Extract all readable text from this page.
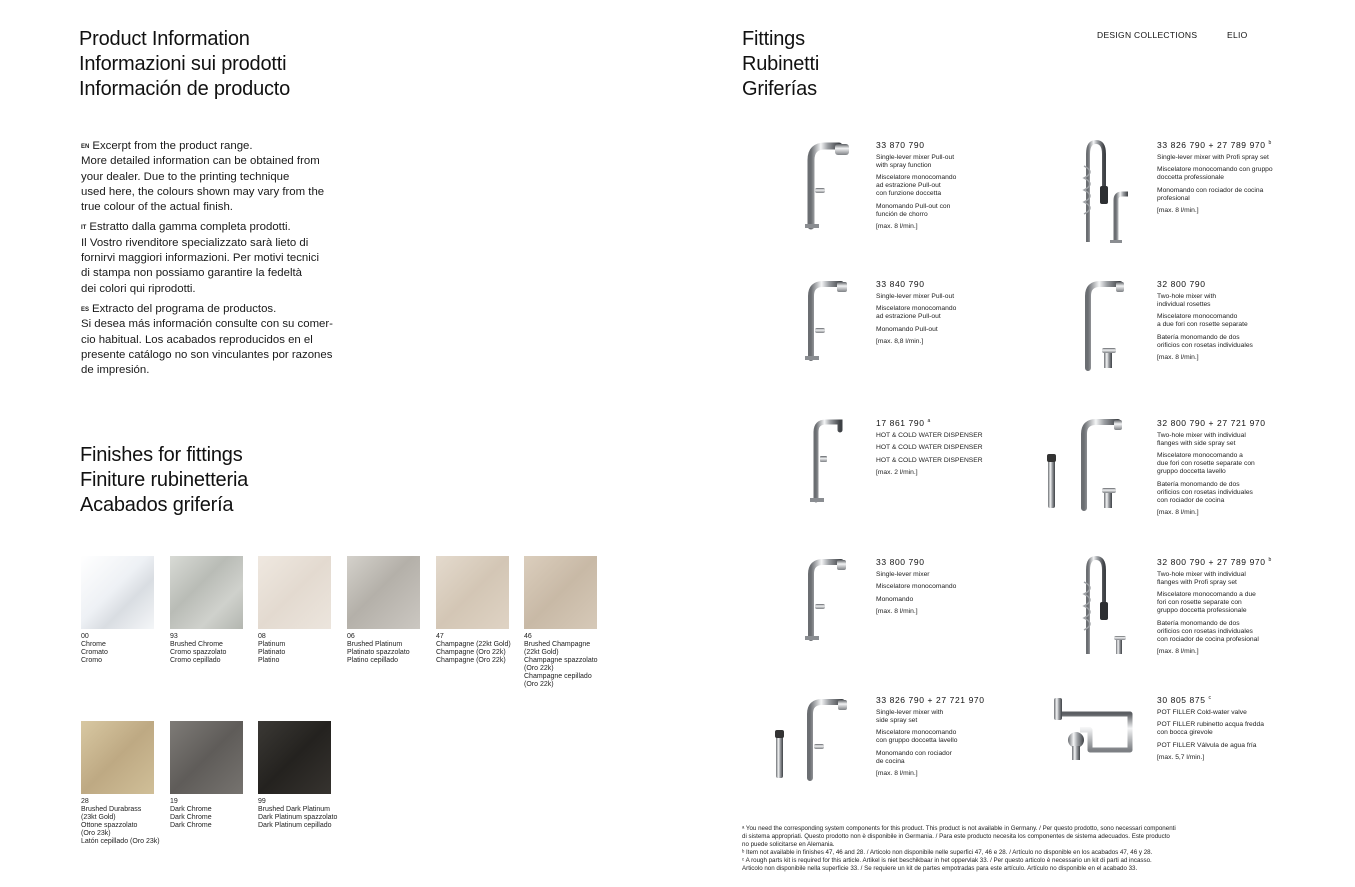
Product Information
Informazioni sui prodotti
Información de producto

$^{EN}$ Excerpt from the product range.
More detailed information can be obtained from
your dealer. Due to the printing technique
used here, the colours shown may vary from the
true colour of the actual finish.

$^{IT}$ Estratto dalla gamma completa prodotti.
Il Vostro rivenditore specializzato sarà lieto di
fornirvi maggiori informazioni. Per motivi tecnici
di stampa non possiamo garantire la fedeltà
dei colori qui riprodotti.

$^{ES}$ Extracto del programa de productos.
Si desea más información consulte con su comer-
cio habitual. Los acabados reproducidos en el
presente catálogo no son vinculantes por razones
de impresión.

Finishes for fittings
Finiture rubinetteria
Acabados grifería
00
Chrome
Cromato
Cromo
93
Brushed Chrome
Cromo spazzolato
Cromo cepillado
08
Platinum
Platinato
Platino
06
Brushed Platinum
Platinato spazzolato
Platino cepillado
47
Champagne (22kt Gold)
Champagne (Oro 22k)
Champagne (Oro 22k)
46
Brushed Champagne
(22kt Gold)
Champagne spazzolato
(Oro 22k)
Champagne cepillado
(Oro 22k)
28
Brushed Durabrass
(23kt Gold)
Ottone spazzolato
(Oro 23k)
Latón cepillado (Oro 23k)
19
Dark Chrome
Dark Chrome
Dark Chrome
99
Brushed Dark Platinum
Dark Platinum spazzolato
Dark Platinum cepillado
Fittings
Rubinetti
Griferías
DESIGN COLLECTIONS	ELIO
33 870 790
Single-lever mixer Pull-out
with spray function
Miscelatore monocomando
ad estrazione Pull-out
con funzione doccetta
Monomando Pull-out con
función de chorro
[max. 8 l/min.]
33 826 790 + 27 789 970 $^b$
Single-lever mixer with Profi spray set
Miscelatore monocomando con gruppo
doccetta professionale
Monomando con rociador de cocina
profesional
[max. 8 l/min.]
33 840 790
Single-lever mixer Pull-out
Miscelatore monocomando
ad estrazione Pull-out
Monomando Pull-out
[max. 8,8 l/min.]
32 800 790
Two-hole mixer with
individual rosettes
Miscelatore monocomando
a due fori con rosette separate
Batería monomando de dos
orificios con rosetas individuales
[max. 8 l/min.]
17 861 790 $^a$
HOT & COLD WATER DISPENSER
HOT & COLD WATER DISPENSER
HOT & COLD WATER DISPENSER
[max. 2 l/min.]
32 800 790 + 27 721 970
Two-hole mixer with individual
flanges with side spray set
Miscelatore monocomando a
due fori con rosette separate con
gruppo doccetta lavello
Batería monomando de dos
orificios con rosetas individuales
con rociador de cocina
[max. 8 l/min.]
33 800 790
Single-lever mixer
Miscelatore monocomando
Monomando
[max. 8 l/min.]
32 800 790 + 27 789 970 $^b$
Two-hole mixer with individual
flanges with Profi spray set
Miscelatore monocomando a due
fori con rosette separate con
gruppo doccetta professionale
Batería monomando de dos
orificios con rosetas individuales
con rociador de cocina profesional
[max. 8 l/min.]
33 826 790 + 27 721 970
Single-lever mixer with
side spray set
Miscelatore monocomando
con gruppo doccetta lavello
Monomando con rociador
de cocina
[max. 8 l/min.]
30 805 875 $^c$
POT FILLER Cold-water valve
POT FILLER rubinetto acqua fredda
con bocca girevole
POT FILLER Válvula de agua fría
[max. 5,7 l/min.]
ᵃ You need the corresponding system components for this product. This product is not available in Germany. / Per questo prodotto, sono necessari componenti
di sistema appropriati. Questo prodotto non è disponibile in Germania. / Para este producto necesita los componentes de sistema adecuados. Este producto
no puede solicitarse en Alemania.
ᵇ Item not available in finishes 47, 46 and 28. / Articolo non disponibile nelle superfici 47, 46 e 28. / Artículo no disponible en los acabados 47, 46 y 28.
ᶜ A rough parts kit is required for this article. Artikel is niet beschikbaar in het oppervlak 33. / Per questo articolo è necessario un kit di parti ad incasso.
Articolo non disponibile nella superficie 33. / Se requiere un kit de partes empotradas para este artículo. Artículo no disponible en el acabado 33.
